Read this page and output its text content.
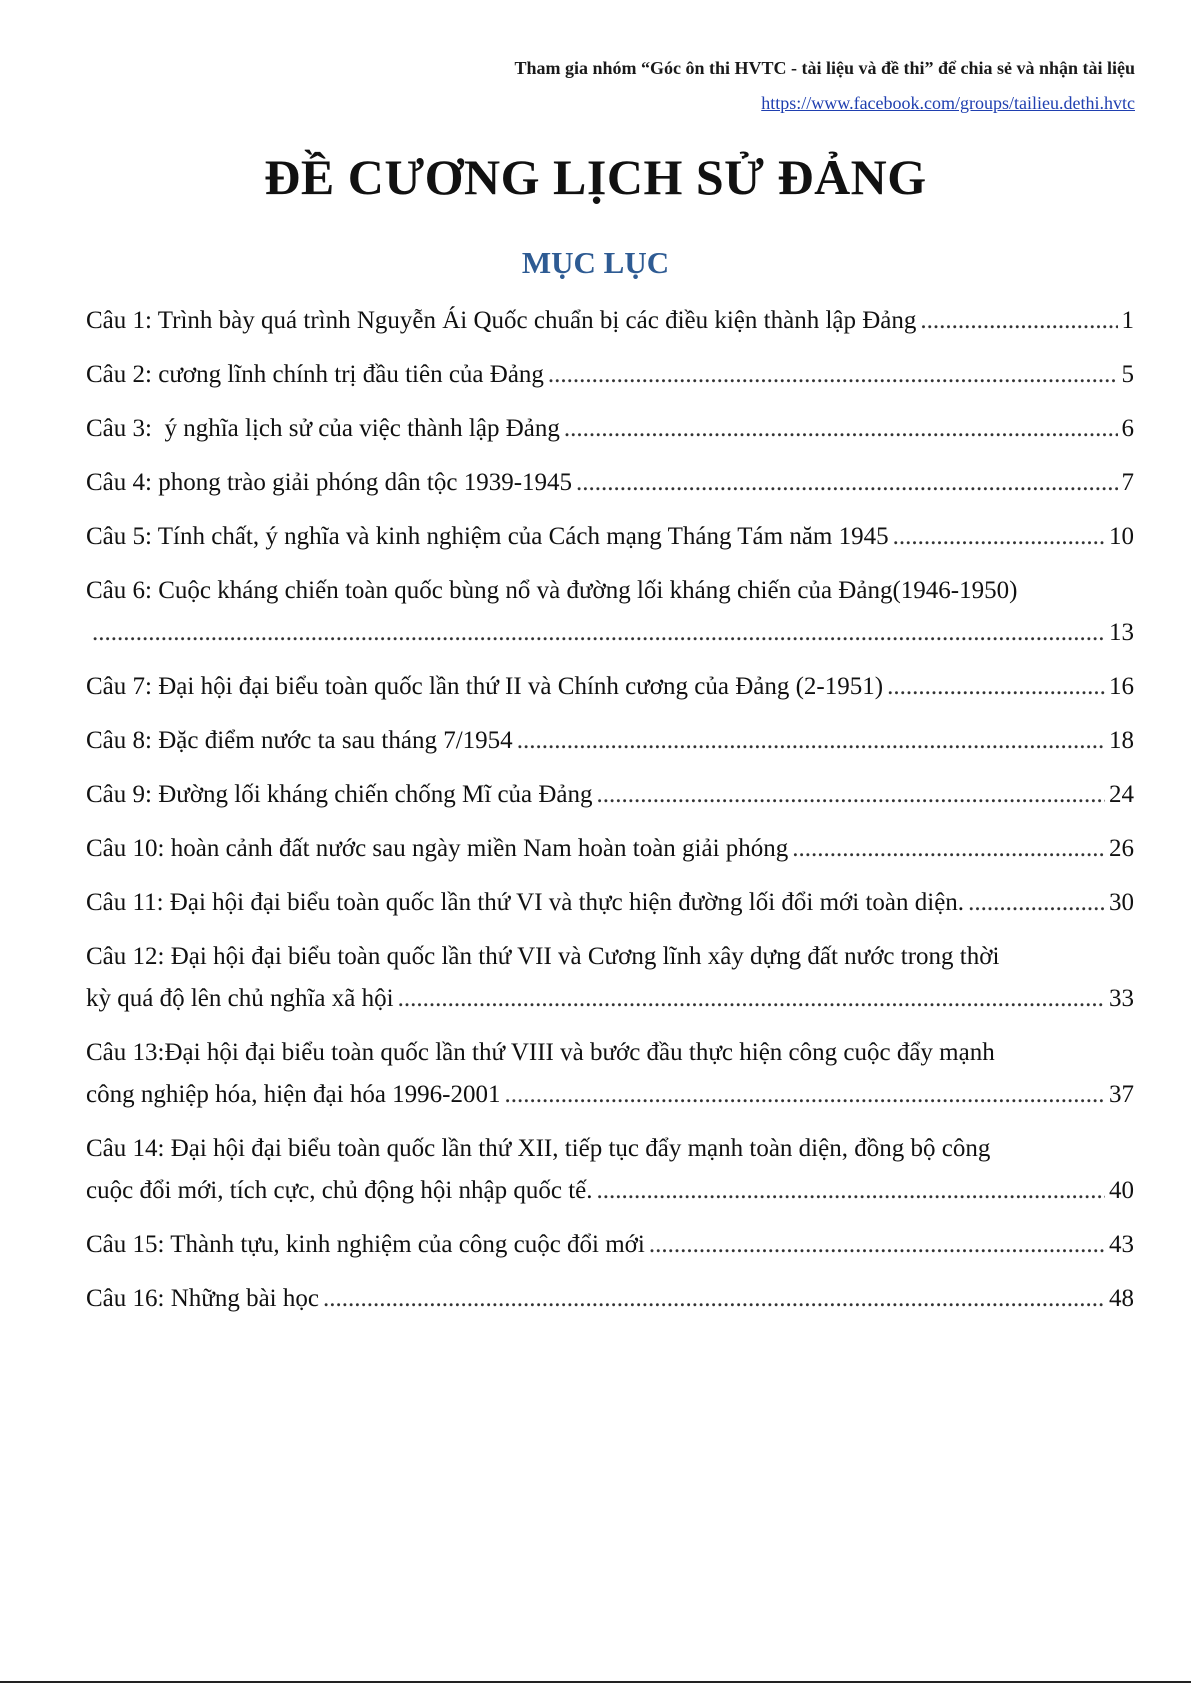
Tham gia nhóm “Góc ôn thi HVTC - tài liệu và đề thi” để chia sẻ và nhận tài liệu
https://www.facebook.com/groups/tailieu.dethi.hvtc
ĐỀ CƯƠNG LỊCH SỬ ĐẢNG
MỤC LỤC
Câu 1: Trình bày quá trình Nguyễn Ái Quốc chuẩn bị các điều kiện thành lập Đảng .....	1
Câu 2: cương lĩnh chính trị đầu tiên của Đảng .....	5
Câu 3:  ý nghĩa lịch sử của việc thành lập Đảng .....	6
Câu 4: phong trào giải phóng dân tộc 1939-1945 .....	7
Câu 5: Tính chất, ý nghĩa và kinh nghiệm của Cách mạng Tháng Tám năm 1945 .....	10
Câu 6: Cuộc kháng chiến toàn quốc bùng nổ và đường lối kháng chiến của Đảng(1946-1950)
.....
13
Câu 7: Đại hội đại biểu toàn quốc lần thứ II và Chính cương của Đảng (2-1951) .....	16
Câu 8: Đặc điểm nước ta sau tháng 7/1954 .....	18
Câu 9: Đường lối kháng chiến chống Mĩ của Đảng .....	24
Câu 10: hoàn cảnh đất nước sau ngày miền Nam hoàn toàn giải phóng .....	26
Câu 11: Đại hội đại biểu toàn quốc lần thứ VI và thực hiện đường lối đổi mới toàn diện. .....	30
Câu 12: Đại hội đại biểu toàn quốc lần thứ VII và Cương lĩnh xây dựng đất nước trong thời
kỳ quá độ lên chủ nghĩa xã hội .....	33
Câu 13:Đại hội đại biểu toàn quốc lần thứ VIII và bước đầu thực hiện công cuộc đẩy mạnh
công nghiệp hóa, hiện đại hóa 1996-2001 .....	37
Câu 14: Đại hội đại biểu toàn quốc lần thứ XII, tiếp tục đẩy mạnh toàn diện, đồng bộ công
cuộc đổi mới, tích cực, chủ động hội nhập quốc tế. .....	40
Câu 15: Thành tựu, kinh nghiệm của công cuộc đổi mới .....	43
Câu 16: Những bài học .....	48
